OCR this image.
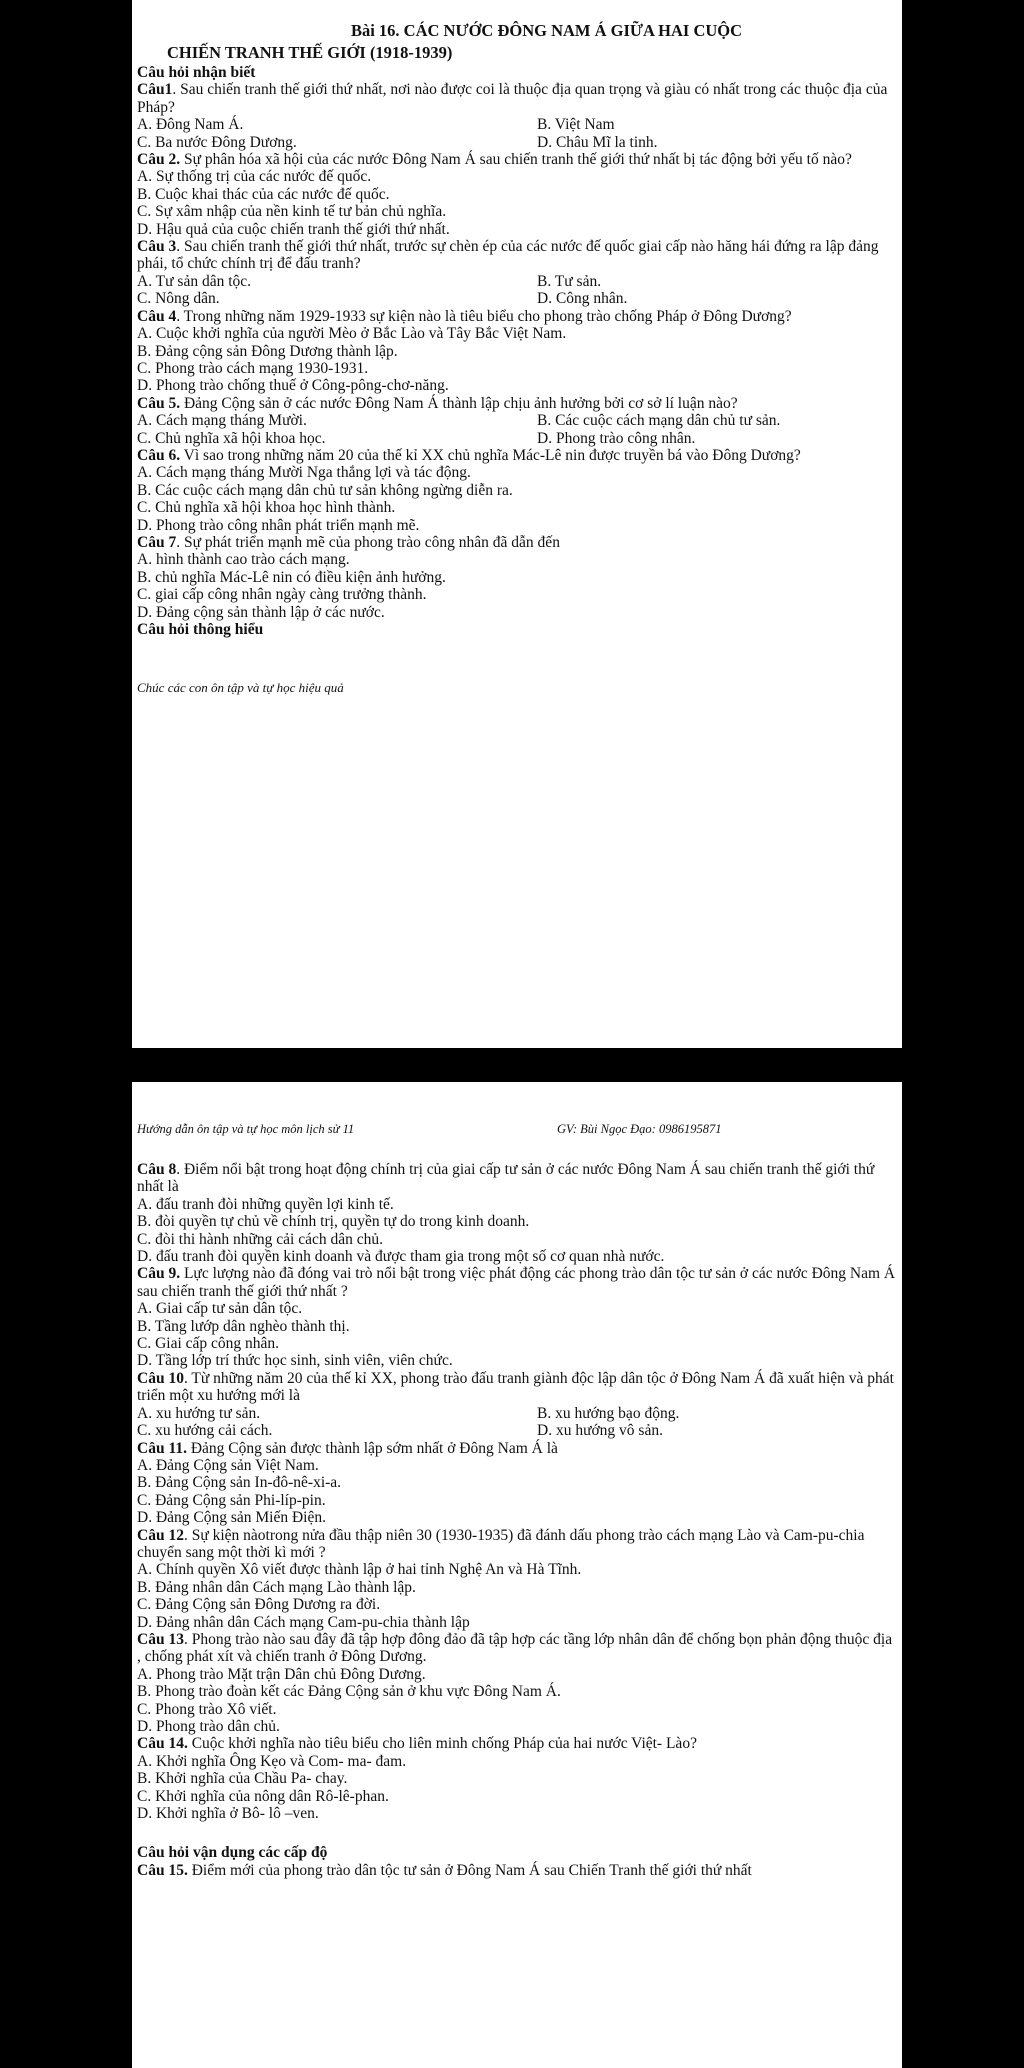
Bài 16. CÁC NƯỚC ĐÔNG NAM Á GIỮA HAI CUỘC
CHIẾN TRANH THẾ GIỚI (1918-1939)
Câu hỏi nhận biết
Câu1. Sau chiến tranh thế giới thứ nhất, nơi nào được coi là thuộc địa quan trọng và giàu có nhất trong các thuộc địa của Pháp?
A. Đông Nam Á.	B. Việt Nam
C. Ba nước Đông Dương.	D. Châu Mĩ la tinh.
Câu 2. Sự phân hóa xã hội của các nước Đông Nam Á sau chiến tranh thế giới thứ nhất bị tác động bởi yếu tố nào?
A. Sự thống trị của các nước đế quốc.
B. Cuộc khai thác của các nước đế quốc.
C. Sự xâm nhập của nền kinh tế tư bản chủ nghĩa.
D. Hậu quả của cuộc chiến tranh thế giới thứ nhất.
Câu 3. Sau chiến tranh thế giới thứ nhất, trước sự chèn ép của các nước đế quốc giai cấp nào hăng hái đứng ra lập đảng phái, tổ chức chính trị để đấu tranh?
A. Tư sản dân tộc.	B. Tư sản.
C. Nông dân.	D. Công nhân.
Câu 4. Trong những năm 1929-1933 sự kiện nào là tiêu biểu cho phong trào chống Pháp ở Đông Dương?
A. Cuộc khởi nghĩa của người Mèo ở Bắc Lào và Tây Bắc Việt Nam.
B. Đảng cộng sản Đông Dương thành lập.
C. Phong trào cách mạng 1930-1931.
D. Phong trào chống thuế ở Công-pông-chơ-năng.
Câu 5. Đảng Cộng sản ở các nước Đông Nam Á thành lập chịu ảnh hưởng bởi cơ sở lí luận nào?
A. Cách mạng tháng Mười.	B. Các cuộc cách mạng dân chủ tư sản.
C. Chủ nghĩa xã hội khoa học.	D. Phong trào công nhân.
Câu 6. Vì sao trong những năm 20 của thế kỉ XX chủ nghĩa Mác-Lê nin được truyền bá vào Đông Dương?
A. Cách mạng tháng Mười Nga thắng lợi và tác động.
B. Các cuộc cách mạng dân chủ tư sản không ngừng diễn ra.
C. Chủ nghĩa xã hội khoa học hình thành.
D. Phong trào công nhân phát triển mạnh mẽ.
Câu 7. Sự phát triển mạnh mẽ của phong trào công nhân đã dẫn đến
A. hình thành cao trào cách mạng.
B. chủ nghĩa Mác-Lê nin có điều kiện ảnh hưởng.
C. giai cấp công nhân ngày càng trưởng thành.
D. Đảng cộng sản thành lập ở các nước.
Câu hỏi thông hiểu
Chúc các con ôn tập và tự học hiệu quả
Hướng dẫn ôn tập và tự học môn lịch sử 11	GV: Bùi Ngọc Đạo: 0986195871
Câu 8. Điểm nổi bật trong hoạt động chính trị của giai cấp tư sản ở các nước Đông Nam Á sau chiến tranh thế giới thứ nhất là
A. đấu tranh đòi những quyền lợi kinh tế.
B. đòi quyền tự chủ về chính trị, quyền tự do trong kinh doanh.
C. đòi thi hành những cải cách dân chủ.
D. đấu tranh đòi quyền kinh doanh và được tham gia trong một số cơ quan nhà nước.
Câu 9. Lực lượng nào đã đóng vai trò nổi bật trong việc phát động các phong trào dân tộc tư sản ở các nước Đông Nam Á sau chiến tranh thế giới thứ nhất ?
A. Giai cấp tư sản dân tộc.
B. Tầng lướp dân nghèo thành thị.
C. Giai cấp công nhân.
D. Tầng lớp trí thức học sinh, sinh viên, viên chức.
Câu 10. Từ những năm 20 của thế kỉ XX, phong trào đấu tranh giành độc lập dân tộc ở Đông Nam Á đã xuất hiện và phát triển một xu hướng mới là
A. xu hướng tư sản.	B. xu hướng bạo động.
C. xu hướng cải cách.	D. xu hướng vô sản.
Câu 11. Đảng Cộng sản được thành lập sớm nhất ở Đông Nam Á là
A. Đảng Cộng sản Việt Nam.
B. Đảng Cộng sản In-đô-nê-xi-a.
C. Đảng Cộng sản Phi-líp-pin.
D. Đảng Cộng sản Miến Điện.
Câu 12. Sự kiện nàotrong nửa đầu thập niên 30 (1930-1935) đã đánh dấu phong trào cách mạng Lào và Cam-pu-chia chuyển sang một thời kì mới ?
A. Chính quyền Xô viết được thành lập ở hai tỉnh Nghệ An và Hà Tĩnh.
B. Đảng nhân dân Cách mạng Lào thành lập.
C. Đảng Cộng sản Đông Dương ra đời.
D. Đảng nhân dân Cách mạng Cam-pu-chia thành lập
Câu 13. Phong trào nào sau đây đã tập hợp đông đảo đã tập hợp các tầng lớp nhân dân để chống bọn phản động thuộc địa , chống phát xít và chiến tranh ở Đông Dương.
A. Phong trào Mặt trận Dân chủ Đông Dương.
B. Phong trào đoàn kết các Đảng Cộng sản ở khu vực Đông Nam Á.
C. Phong trào Xô viết.
D. Phong trào dân chủ.
Câu 14. Cuộc khởi nghĩa nào tiêu biểu cho liên minh chống Pháp của hai nước Việt- Lào?
A. Khởi nghĩa Ông Kẹo và Com- ma- đam.
B. Khởi nghĩa của Chầu Pa- chay.
C. Khởi nghĩa của nông dân Rô-lê-phan.
D. Khởi nghĩa ở Bô- lô –ven.
Câu hỏi vận dụng các cấp độ
Câu 15. Điểm mới của phong trào dân tộc tư sản ở Đông Nam Á sau Chiến Tranh thế giới thứ nhất
